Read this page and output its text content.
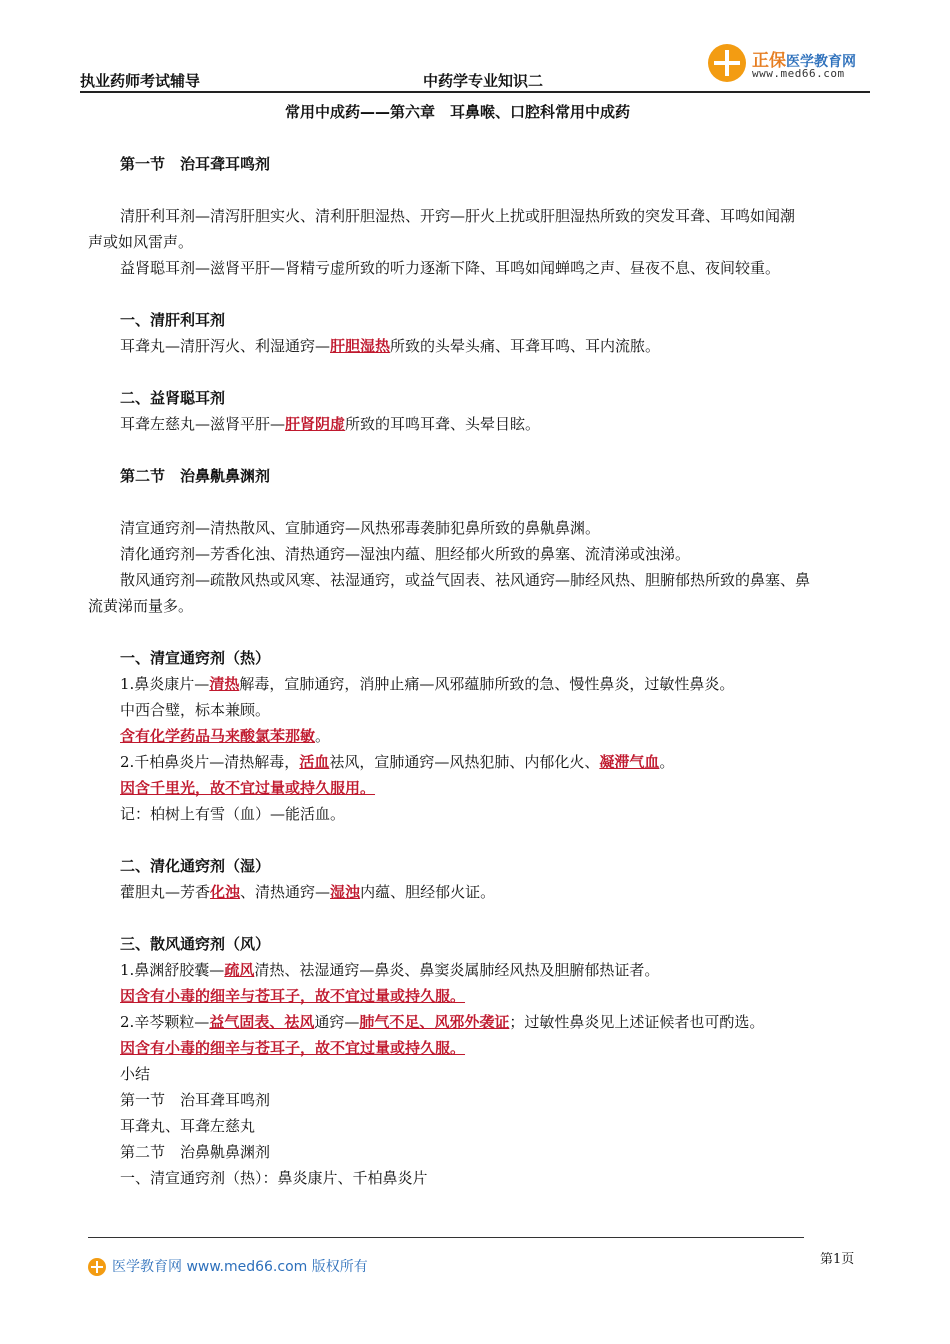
执业药师考试辅导	中药学专业知识二
正保医学教育网
www.med66.com
常用中成药——第六章　耳鼻喉、口腔科常用中成药
第一节　治耳聋耳鸣剂
清肝利耳剂—清泻肝胆实火、清利肝胆湿热、开窍—肝火上扰或肝胆湿热所致的突发耳聋、耳鸣如闻潮
声或如风雷声。
益肾聪耳剂—滋肾平肝—肾精亏虚所致的听力逐渐下降、耳鸣如闻蝉鸣之声、昼夜不息、夜间较重。
一、清肝利耳剂
耳聋丸—清肝泻火、利湿通窍—肝胆湿热所致的头晕头痛、耳聋耳鸣、耳内流脓。
二、益肾聪耳剂
耳聋左慈丸—滋肾平肝—肝肾阴虚所致的耳鸣耳聋、头晕目眩。
第二节　治鼻鼽鼻渊剂
清宣通窍剂—清热散风、宣肺通窍—风热邪毒袭肺犯鼻所致的鼻鼽鼻渊。
清化通窍剂—芳香化浊、清热通窍—湿浊内蕴、胆经郁火所致的鼻塞、流清涕或浊涕。
散风通窍剂—疏散风热或风寒、祛湿通窍，或益气固表、祛风通窍—肺经风热、胆腑郁热所致的鼻塞、鼻
流黄涕而量多。
一、清宣通窍剂（热）
1.鼻炎康片—清热解毒，宣肺通窍，消肿止痛—风邪蕴肺所致的急、慢性鼻炎，过敏性鼻炎。
中西合璧，标本兼顾。
含有化学药品马来酸氯苯那敏。
2.千柏鼻炎片—清热解毒，活血祛风，宣肺通窍—风热犯肺、内郁化火、凝滞气血。
因含千里光，故不宜过量或持久服用。
记：柏树上有雪（血）—能活血。
二、清化通窍剂（湿）
藿胆丸—芳香化浊、清热通窍—湿浊内蕴、胆经郁火证。
三、散风通窍剂（风）
1.鼻渊舒胶囊—疏风清热、祛湿通窍—鼻炎、鼻窦炎属肺经风热及胆腑郁热证者。
因含有小毒的细辛与苍耳子，故不宜过量或持久服。
2.辛芩颗粒—益气固表、祛风通窍—肺气不足、风邪外袭证；过敏性鼻炎见上述证候者也可酌选。
因含有小毒的细辛与苍耳子，故不宜过量或持久服。
小结
第一节　治耳聋耳鸣剂
耳聋丸、耳聋左慈丸
第二节　治鼻鼽鼻渊剂
一、清宣通窍剂（热）：鼻炎康片、千柏鼻炎片
医学教育网 www.med66.com 版权所有	第1页
